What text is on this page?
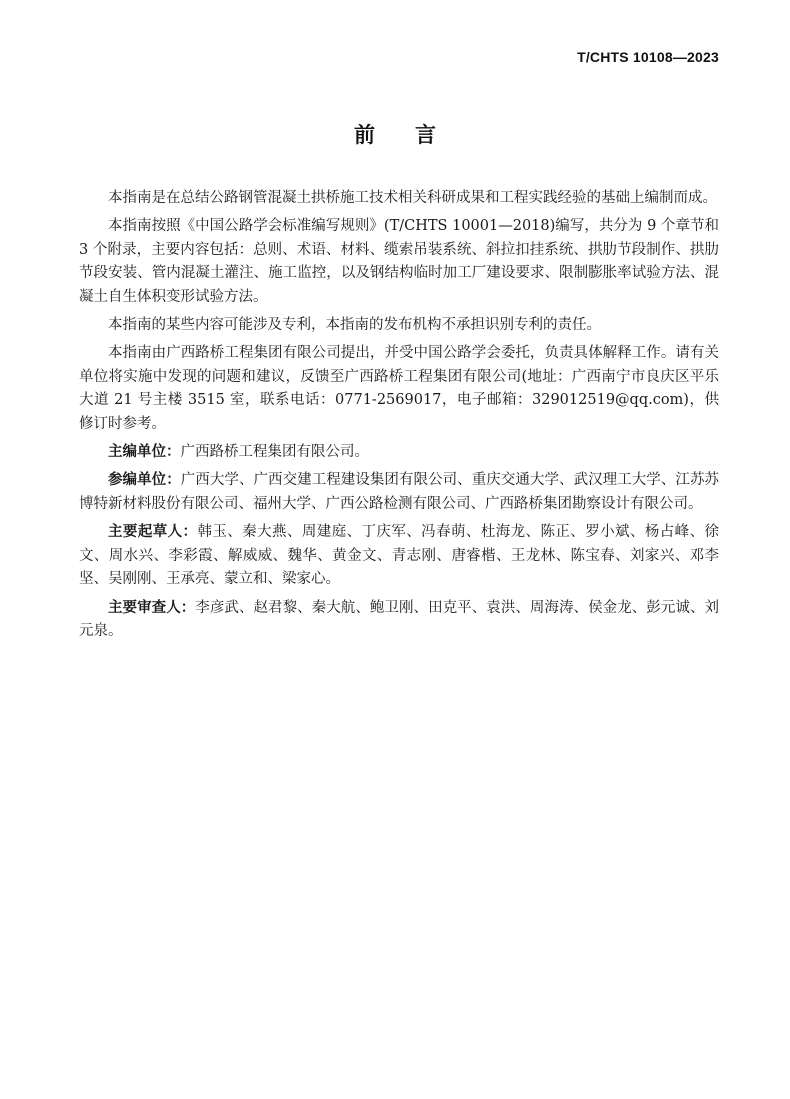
T/CHTS 10108—2023
前 言

本指南是在总结公路钢管混凝土拱桥施工技术相关科研成果和工程实践经验的基础上编制而成。

本指南按照《中国公路学会标准编写规则》(T/CHTS 10001—2018)编写，共分为 9 个章节和 3 个附录，主要内容包括：总则、术语、材料、缆索吊装系统、斜拉扣挂系统、拱肋节段制作、拱肋节段安装、管内混凝土灌注、施工监控，以及钢结构临时加工厂建设要求、限制膨胀率试验方法、混凝土自生体积变形试验方法。

本指南的某些内容可能涉及专利，本指南的发布机构不承担识别专利的责任。

本指南由广西路桥工程集团有限公司提出，并受中国公路学会委托，负责具体解释工作。请有关单位将实施中发现的问题和建议，反馈至广西路桥工程集团有限公司(地址：广西南宁市良庆区平乐大道 21 号主楼 3515 室，联系电话：0771-2569017，电子邮箱：329012519@qq.com)，供修订时参考。

主编单位：广西路桥工程集团有限公司。

参编单位：广西大学、广西交建工程建设集团有限公司、重庆交通大学、武汉理工大学、江苏苏博特新材料股份有限公司、福州大学、广西公路检测有限公司、广西路桥集团勘察设计有限公司。

主要起草人：韩玉、秦大燕、周建庭、丁庆军、冯春萌、杜海龙、陈正、罗小斌、杨占峰、徐文、周水兴、李彩霞、解威威、魏华、黄金文、青志刚、唐睿楷、王龙林、陈宝春、刘家兴、邓李坚、吴刚刚、王承亮、蒙立和、梁家心。

主要审查人：李彦武、赵君黎、秦大航、鲍卫刚、田克平、袁洪、周海涛、侯金龙、彭元诚、刘元泉。
